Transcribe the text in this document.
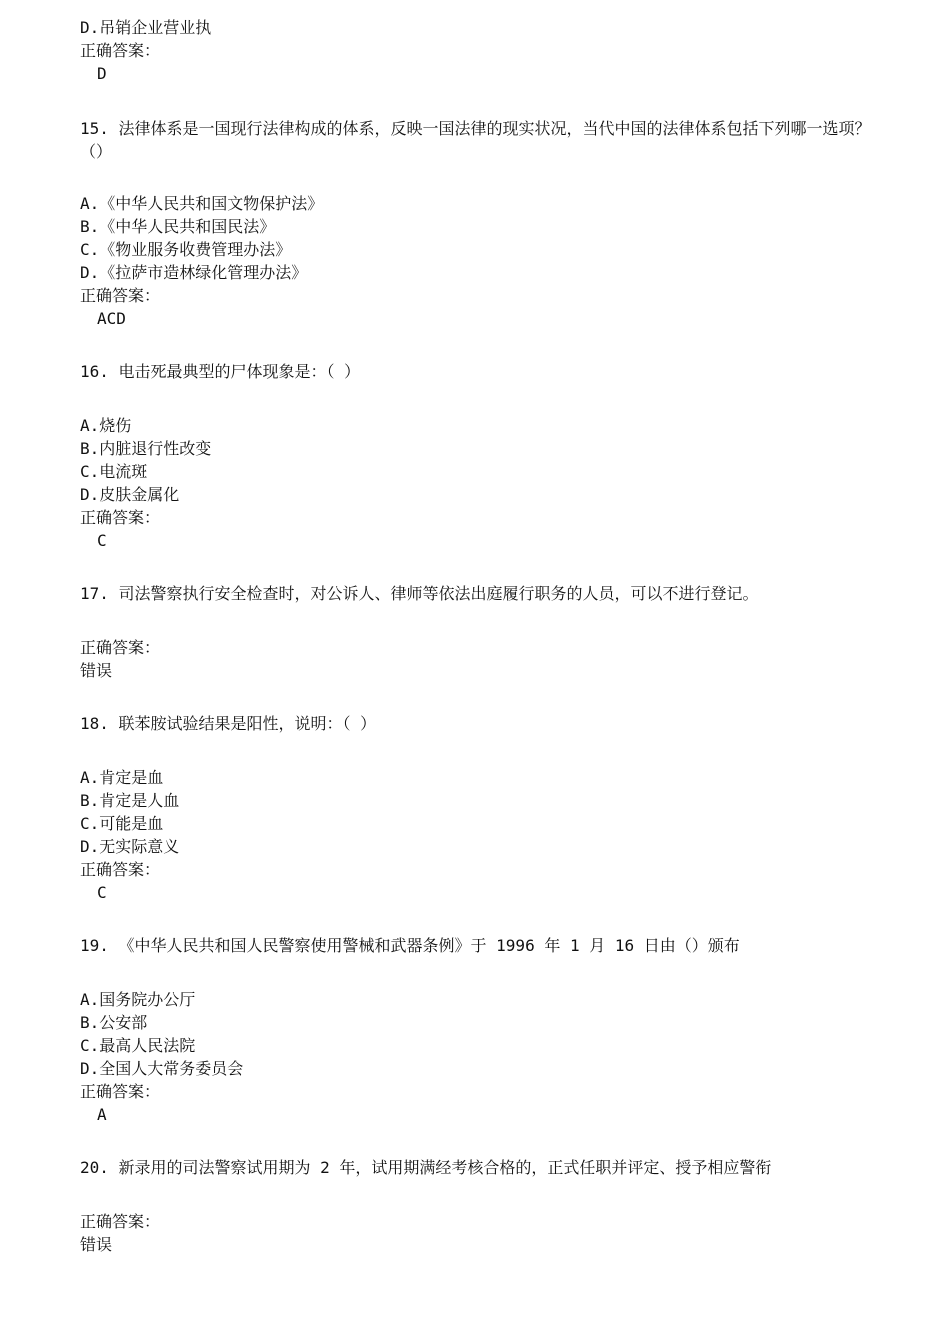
D.吊销企业营业执
正确答案：
D
15. 法律体系是一国现行法律构成的体系，反映一国法律的现实状况，当代中国的法律体系包括下列哪一选项？（）
A.《中华人民共和国文物保护法》
B.《中华人民共和国民法》
C.《物业服务收费管理办法》
D.《拉萨市造林绿化管理办法》
正确答案：
ACD
16. 电击死最典型的尸体现象是：（ ）
A.烧伤
B.内脏退行性改变
C.电流斑
D.皮肤金属化
正确答案：
C
17. 司法警察执行安全检查时，对公诉人、律师等依法出庭履行职务的人员，可以不进行登记。
正确答案：
错误
18. 联苯胺试验结果是阳性，说明：（ ）
A.肯定是血
B.肯定是人血
C.可能是血
D.无实际意义
正确答案：
C
19. 《中华人民共和国人民警察使用警械和武器条例》于 1996 年 1 月 16 日由（）颁布
A.国务院办公厅
B.公安部
C.最高人民法院
D.全国人大常务委员会
正确答案：
A
20. 新录用的司法警察试用期为 2 年，试用期满经考核合格的，正式任职并评定、授予相应警衔
正确答案：
错误
